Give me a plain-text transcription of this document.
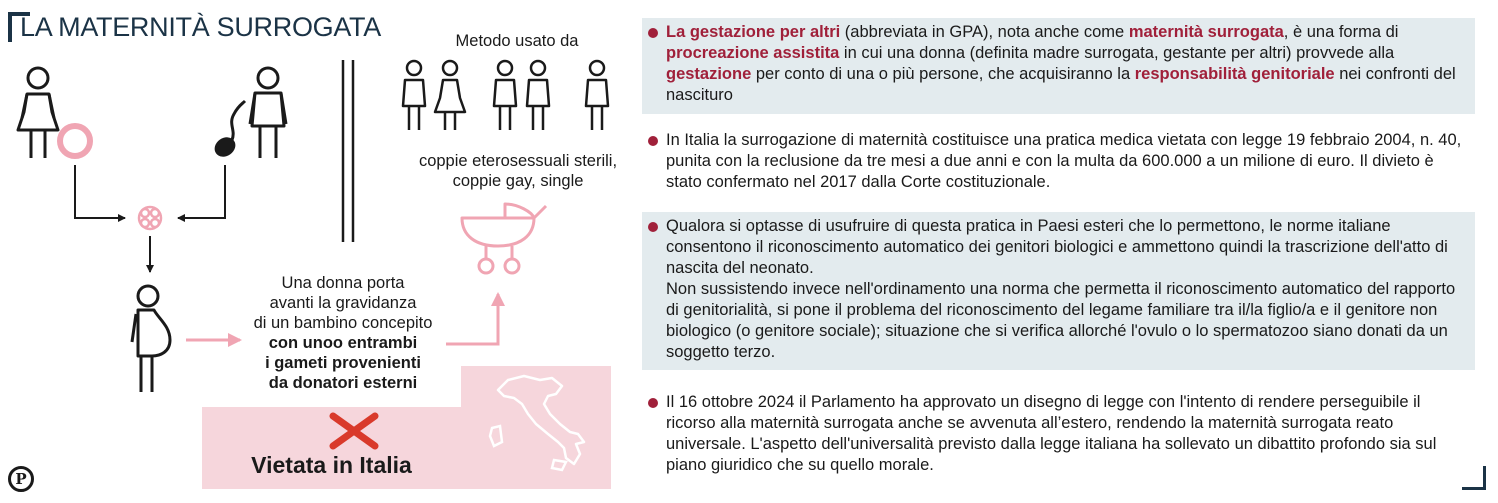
LA MATERNITÀ SURROGATA
Vietata in Italia
Metodo usato da
coppie eterosessuali sterili, coppie gay, single
Una donna porta
avanti la gravidanza
di un bambino concepito
con unoo entrambi
i gameti provenienti
da donatori esterni
La gestazione per altri (abbreviata in GPA), nota anche come maternità surrogata, è una forma di procreazione assistita in cui una donna (definita madre surrogata, gestante per altri) provvede alla gestazione per conto di una o più persone, che acquisiranno la responsabilità genitoriale nei confronti del nascituro
In Italia la surrogazione di maternità costituisce una pratica medica vietata con legge 19 febbraio 2004, n. 40, punita con la reclusione da tre mesi a due anni e con la multa da 600.000 a un milione di euro. Il divieto è stato confermato nel 2017 dalla Corte costituzionale.
Qualora si optasse di usufruire di questa pratica in Paesi esteri che lo permettono, le norme italiane consentono il riconoscimento automatico dei genitori biologici e ammettono quindi la trascrizione dell'atto di nascita del neonato.
Non sussistendo invece nell'ordinamento una norma che permetta il riconoscimento automatico del rapporto di genitorialità, si pone il problema del riconoscimento del legame familiare tra il/la figlio/a e il genitore non biologico (o genitore sociale); situazione che si verifica allorché l'ovulo o lo spermatozoo siano donati da un soggetto terzo.
Il 16 ottobre 2024 il Parlamento ha approvato un disegno di legge con l'intento di rendere perseguibile il ricorso alla maternità surrogata anche se avvenuta all’estero, rendendo la maternità surrogata reato universale. L'aspetto dell'universalità previsto dalla legge italiana ha sollevato un dibattito profondo sia sul piano giuridico che su quello morale.
P
